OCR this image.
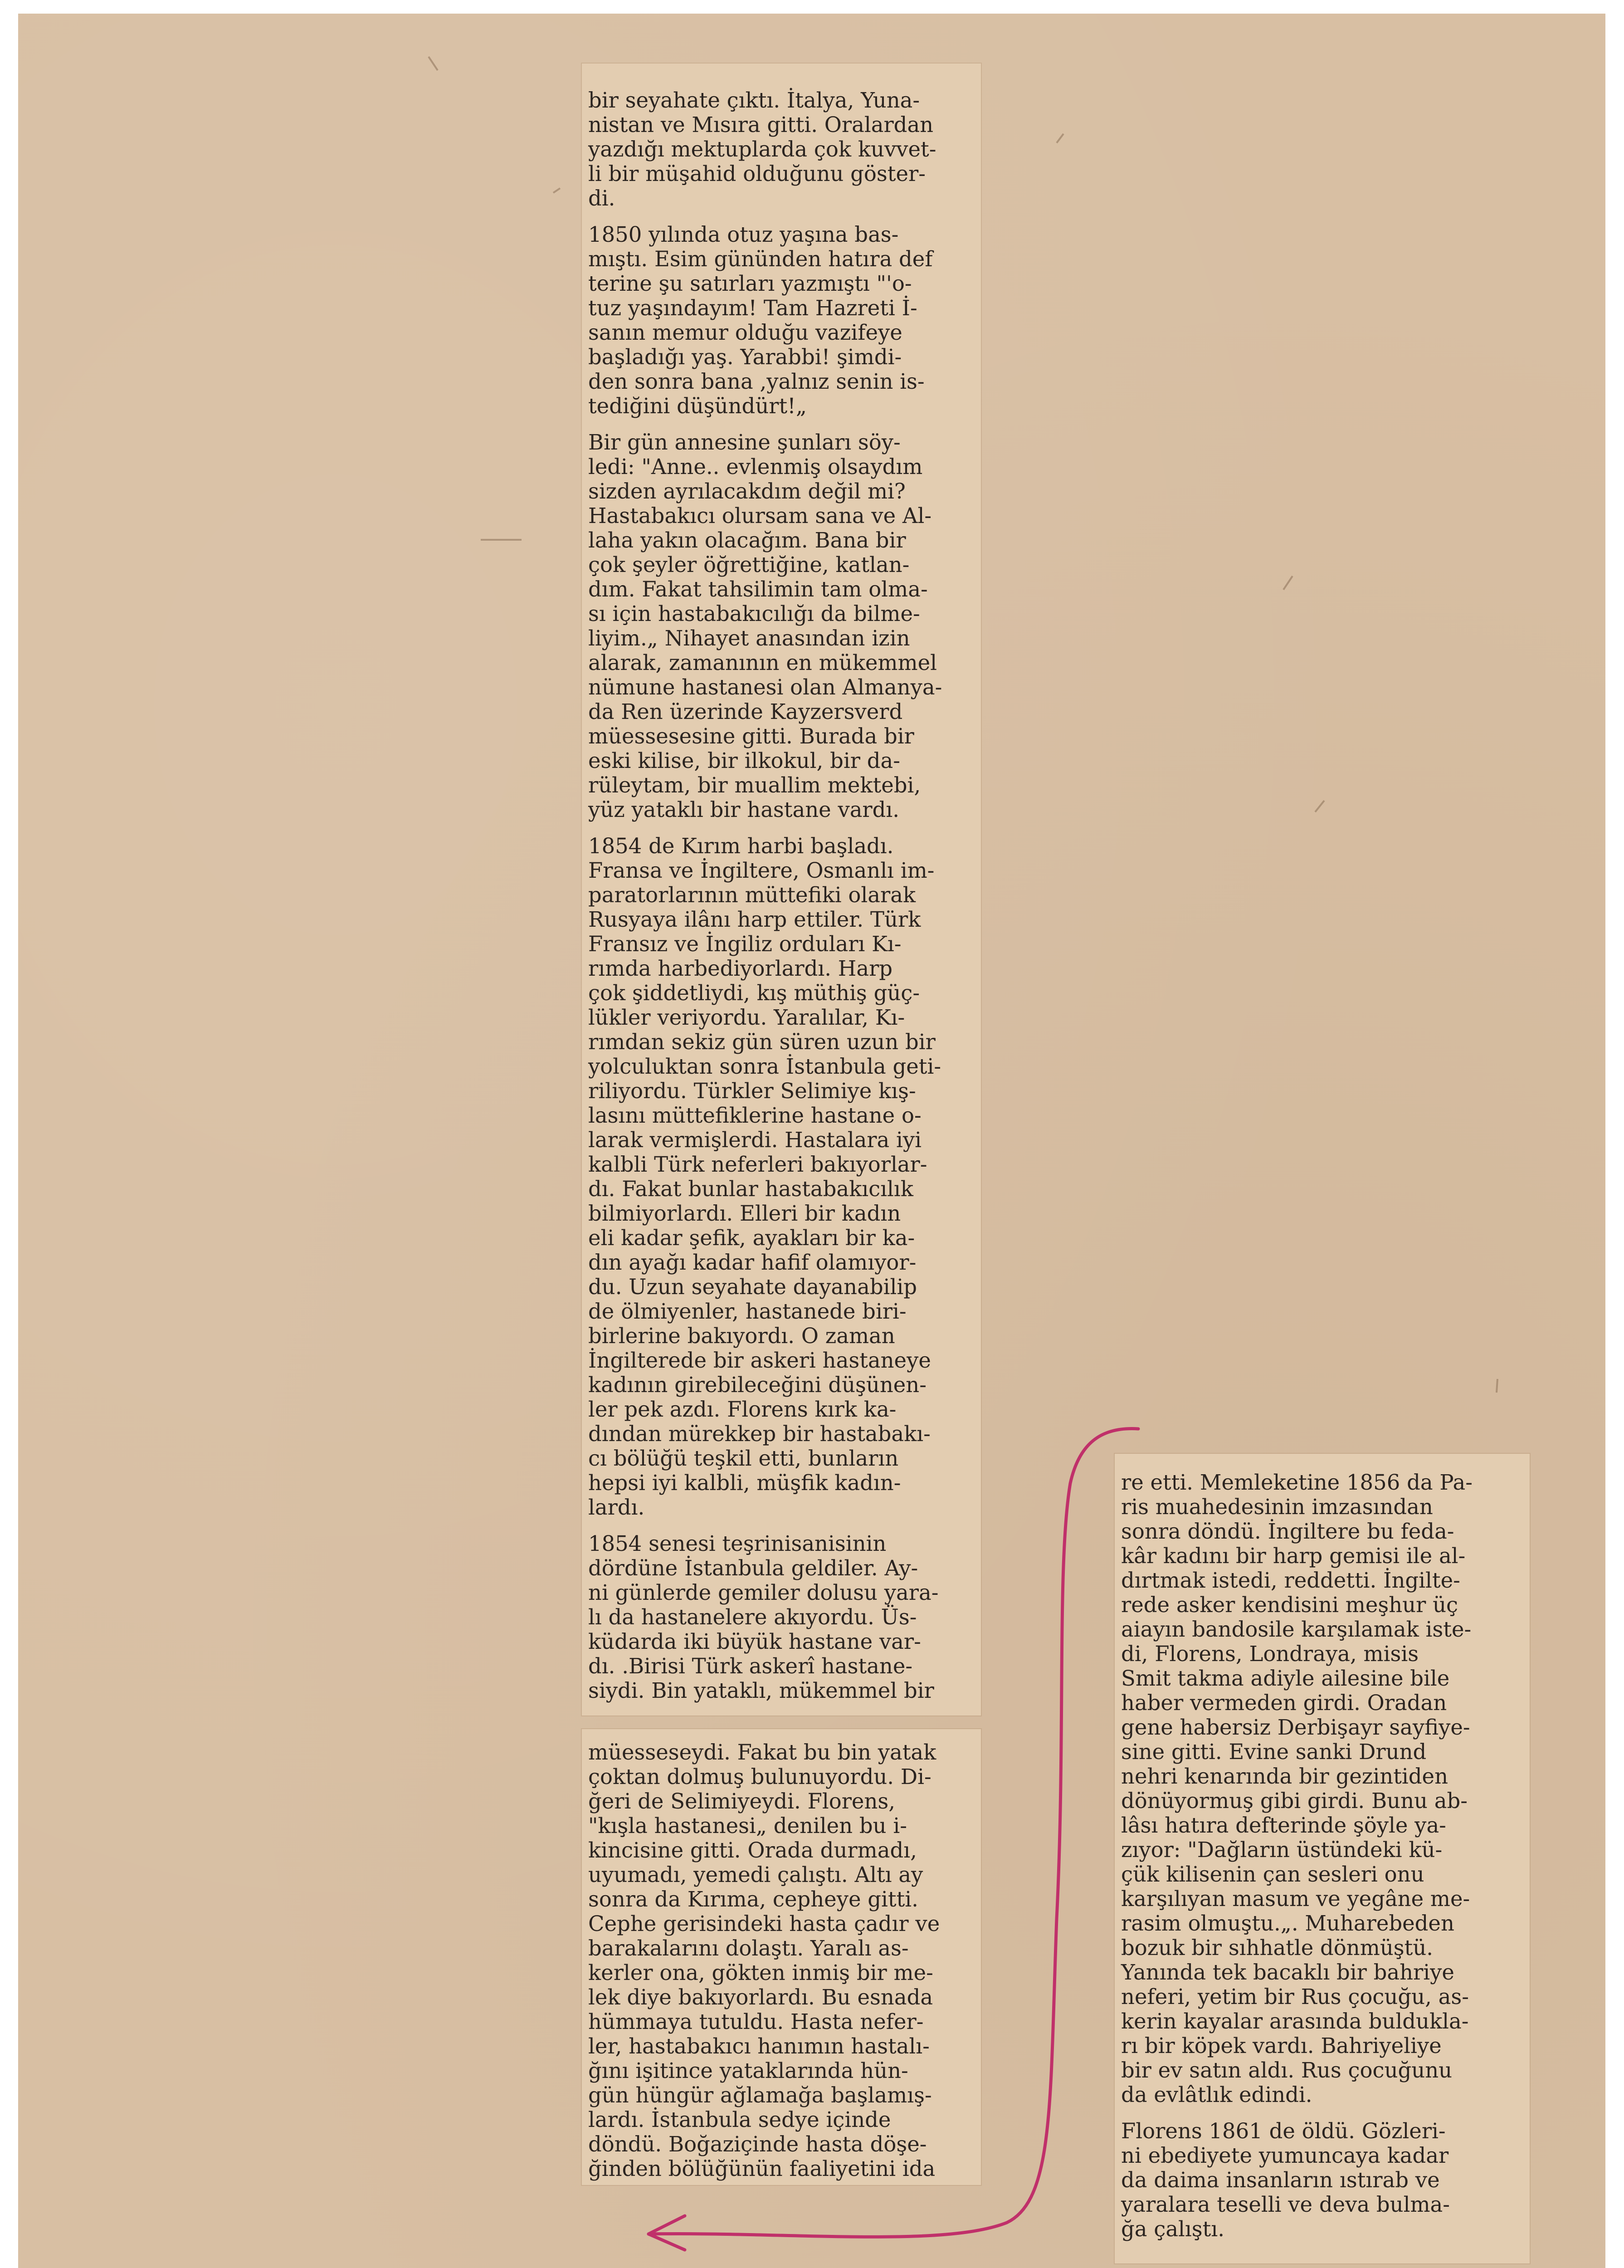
bir seyahate çıktı. İtalya, Yuna-
nistan ve Mısıra gitti. Oralardan
yazdığı mektuplarda çok kuvvet-
li bir müşahid olduğunu göster-
di.

1850 yılında otuz yaşına bas-
mıştı. Esim gününden hatıra def
terine şu satırları yazmıştı "'o-
tuz yaşındayım! Tam Hazreti İ-
sanın memur olduğu vazifeye
başladığı yaş. Yarabbi! şimdi-
den sonra bana ,yalnız senin is-
tediğini düşündürt!„

Bir gün annesine şunları söy-
ledi: "Anne.. evlenmiş olsaydım
sizden ayrılacakdım değil mi?
Hastabakıcı olursam sana ve Al-
laha yakın olacağım. Bana bir
çok şeyler öğrettiğine, katlan-
dım. Fakat tahsilimin tam olma-
sı için hastabakıcılığı da bilme-
liyim.„ Nihayet anasından izin
alarak, zamanının en mükemmel
nümune hastanesi olan Almanya-
da Ren üzerinde Kayzersverd
müessesesine gitti. Burada bir
eski kilise, bir ilkokul, bir da-
rüleytam, bir muallim mektebi,
yüz yataklı bir hastane vardı.

1854 de Kırım harbi başladı.
Fransa ve İngiltere, Osmanlı im-
paratorlarının müttefiki olarak
Rusyaya ilânı harp ettiler. Türk
Fransız ve İngiliz orduları Kı-
rımda harbediyorlardı. Harp
çok şiddetliydi, kış müthiş güç-
lükler veriyordu. Yaralılar, Kı-
rımdan sekiz gün süren uzun bir
yolculuktan sonra İstanbula geti-
riliyordu. Türkler Selimiye kış-
lasını müttefiklerine hastane o-
larak vermişlerdi. Hastalara iyi
kalbli Türk neferleri bakıyorlar-
dı. Fakat bunlar hastabakıcılık
bilmiyorlardı. Elleri bir kadın
eli kadar şefik, ayakları bir ka-
dın ayağı kadar hafif olamıyor-
du. Uzun seyahate dayanabilip
de ölmiyenler, hastanede biri-
birlerine bakıyordı. O zaman
İngilterede bir askeri hastaneye
kadının girebileceğini düşünen-
ler pek azdı. Florens kırk ka-
dından mürekkep bir hastabakı-
cı bölüğü teşkil etti, bunların
hepsi iyi kalbli, müşfik kadın-
lardı.

1854 senesi teşrinisanisinin
dördüne İstanbula geldiler. Ay-
ni günlerde gemiler dolusu yara-
lı da hastanelere akıyordu. Üs-
küdarda iki büyük hastane var-
dı. .Birisi Türk askerî hastane-
siydi. Bin yataklı, mükemmel bir

müesseseydi. Fakat bu bin yatak
çoktan dolmuş bulunuyordu. Di-
ğeri de Selimiyeydi. Florens,
"kışla hastanesi„ denilen bu i-
kincisine gitti. Orada durmadı,
uyumadı, yemedi çalıştı. Altı ay
sonra da Kırıma, cepheye gitti.
Cephe gerisindeki hasta çadır ve
barakalarını dolaştı. Yaralı as-
kerler ona, gökten inmiş bir me-
lek diye bakıyorlardı. Bu esnada
hümmaya tutuldu. Hasta nefer-
ler, hastabakıcı hanımın hastalı-
ğını işitince yataklarında hün-
gün hüngür ağlamağa başlamış-
lardı. İstanbula sedye içinde
döndü. Boğaziçinde hasta döşe-
ğinden bölüğünün faaliyetini ida

re etti. Memleketine 1856 da Pa-
ris muahedesinin imzasından
sonra döndü. İngiltere bu feda-
kâr kadını bir harp gemisi ile al-
dırtmak istedi, reddetti. İngilte-
rede asker kendisini meşhur üç
aiayın bandosile karşılamak iste-
di, Florens, Londraya, misis
Smit takma adiyle ailesine bile
haber vermeden girdi. Oradan
gene habersiz Derbişayr sayfiye-
sine gitti. Evine sanki Drund
nehri kenarında bir gezintiden
dönüyormuş gibi girdi. Bunu ab-
lâsı hatıra defterinde şöyle ya-
zıyor: "Dağların üstündeki kü-
çük kilisenin çan sesleri onu
karşılıyan masum ve yegâne me-
rasim olmuştu.„. Muharebeden
bozuk bir sıhhatle dönmüştü.
Yanında tek bacaklı bir bahriye
neferi, yetim bir Rus çocuğu, as-
kerin kayalar arasında buldukla-
rı bir köpek vardı. Bahriyeliye
bir ev satın aldı. Rus çocuğunu
da evlâtlık edindi.

Florens 1861 de öldü. Gözleri-
ni ebediyete yumuncaya kadar
da daima insanların ıstırab ve
yaralara teselli ve deva bulma-
ğa çalıştı.
